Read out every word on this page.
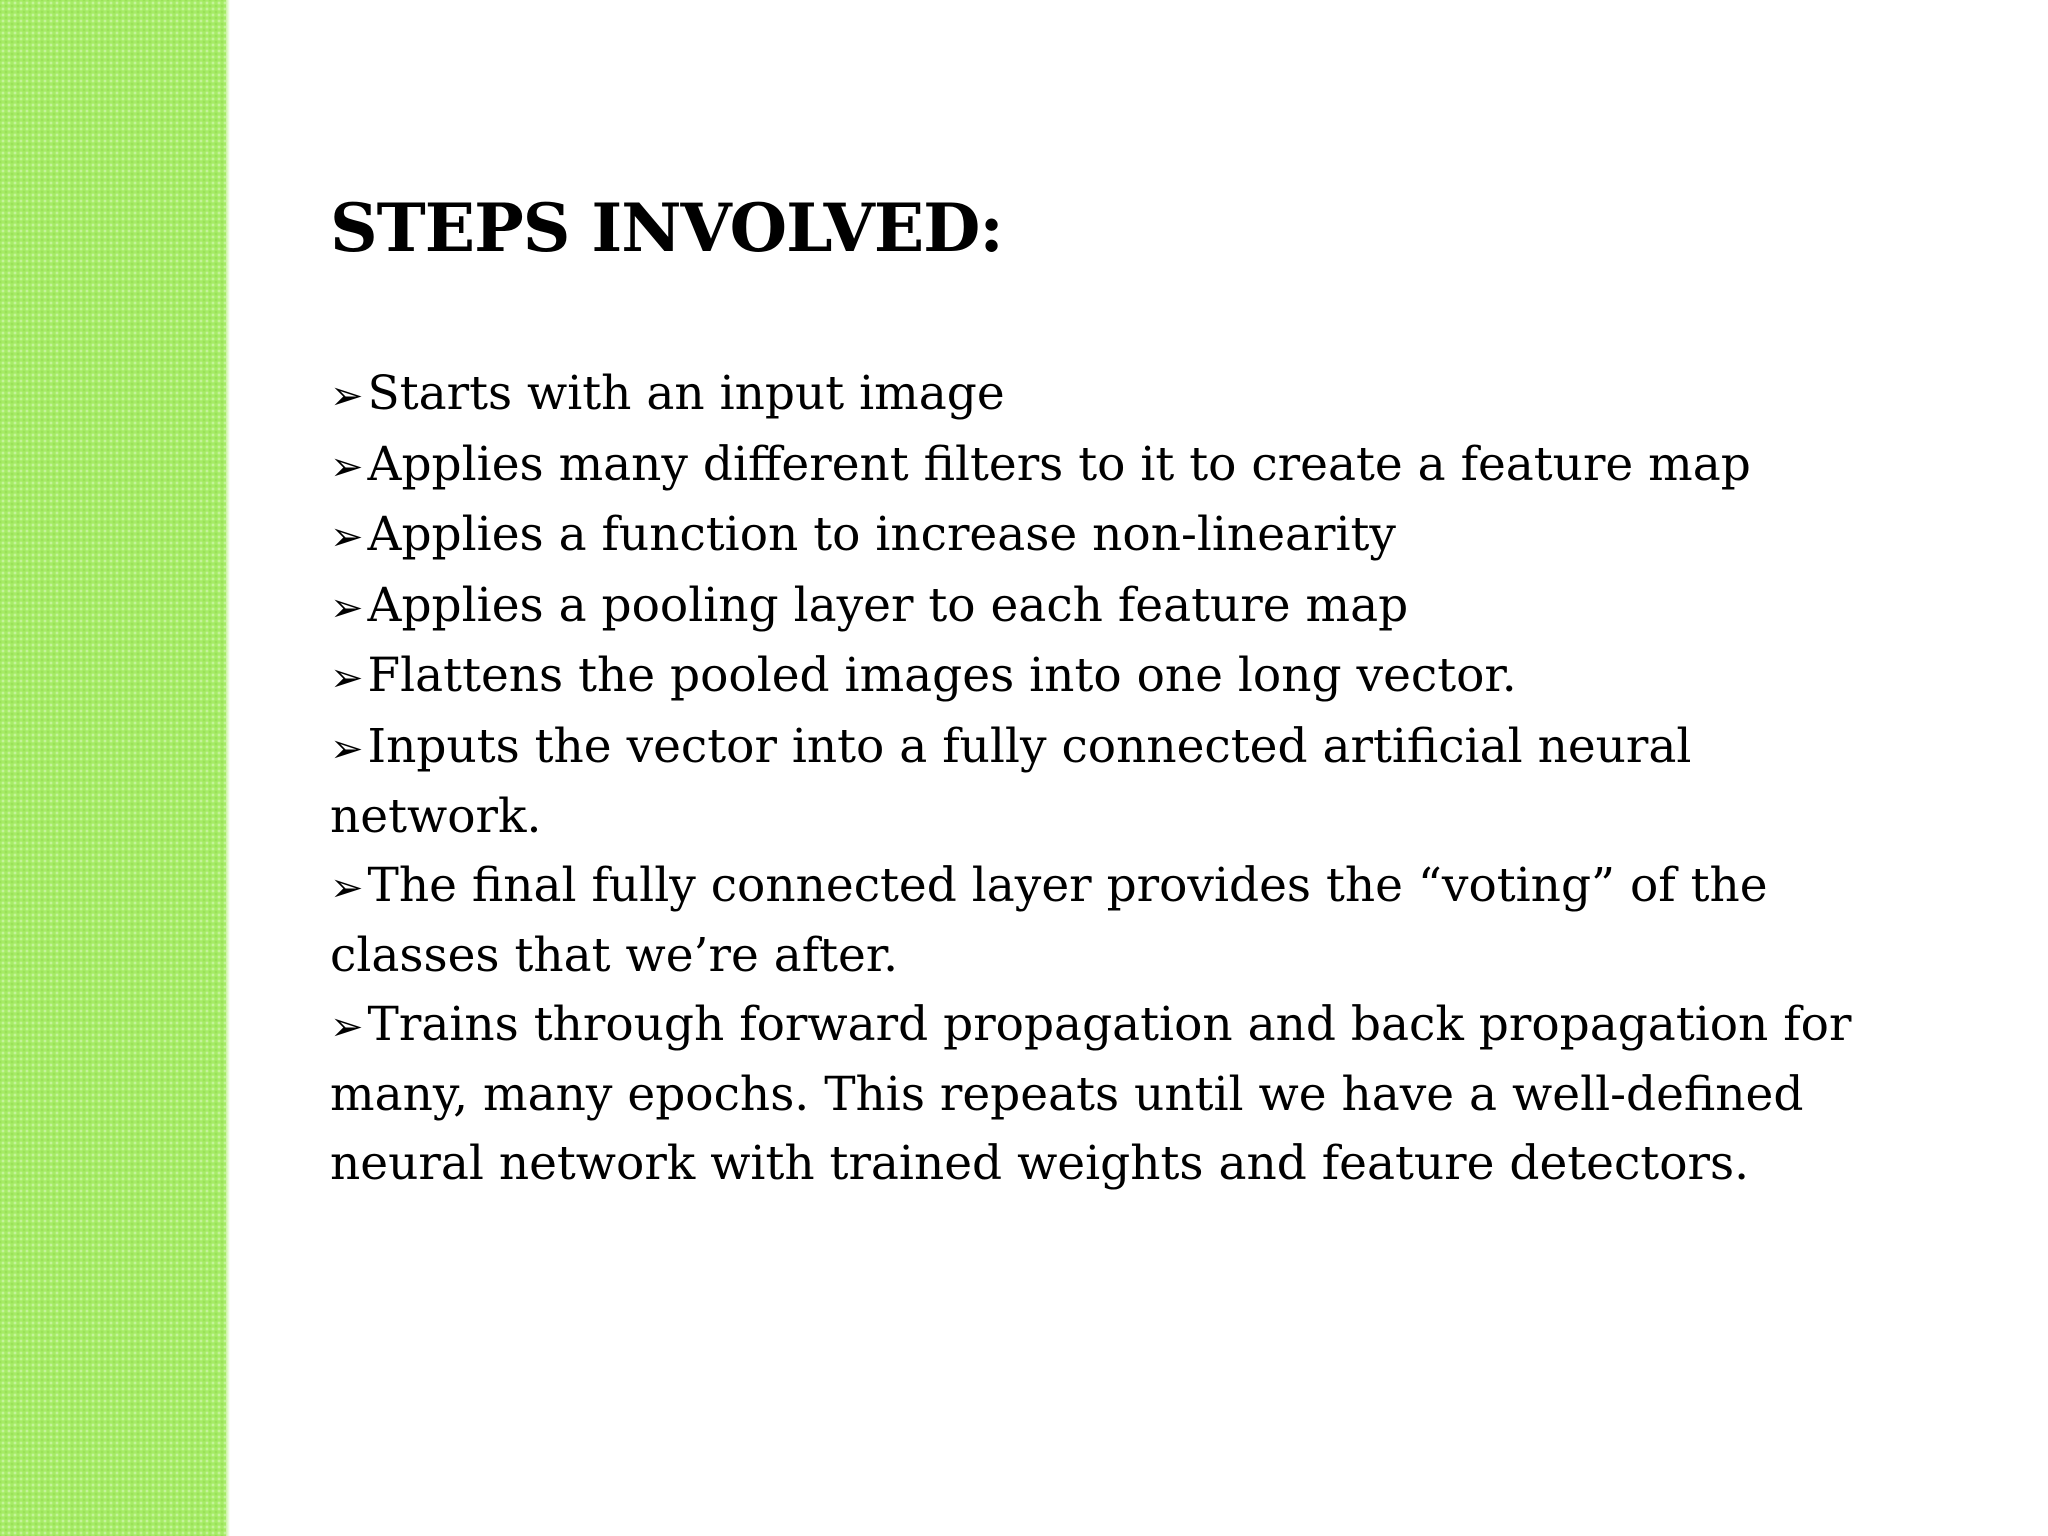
STEPS INVOLVED:
➢Starts with an input image
➢Applies many different filters to it to create a feature map
➢Applies a function to increase non-linearity
➢Applies a pooling layer to each feature map
➢Flattens the pooled images into one long vector.
➢Inputs the vector into a fully connected artificial neural network.
➢The final fully connected layer provides the “voting” of the classes that we’re after.
➢Trains through forward propagation and back propagation for many, many epochs. This repeats until we have a well-defined neural network with trained weights and feature detectors.
